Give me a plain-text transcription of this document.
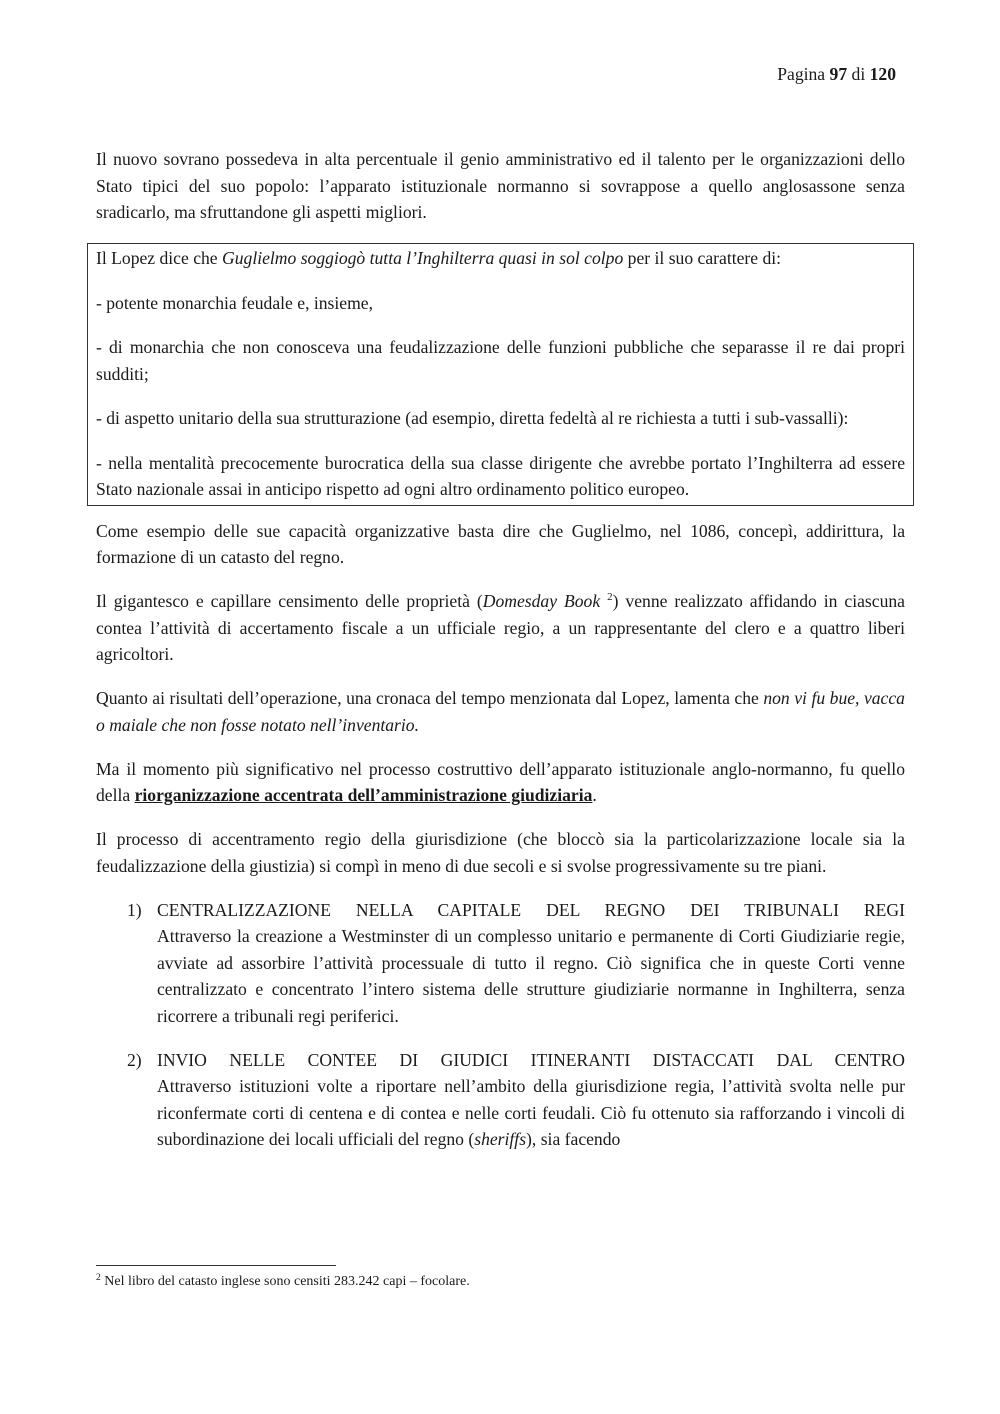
Pagina 97 di 120

Il nuovo sovrano possedeva in alta percentuale il genio amministrativo ed il talento per le organizzazioni dello Stato tipici del suo popolo: l’apparato istituzionale normanno si sovrappose a quello anglosassone senza sradicarlo, ma sfruttandone gli aspetti migliori.

Il Lopez dice che Guglielmo soggiogò tutta l’Inghilterra quasi in sol colpo per il suo carattere di:

- potente monarchia feudale e, insieme,

- di monarchia che non conosceva una feudalizzazione delle funzioni pubbliche che separasse il re dai propri sudditi;

- di aspetto unitario della sua strutturazione (ad esempio, diretta fedeltà al re richiesta a tutti i sub-vassalli):

- nella mentalità precocemente burocratica della sua classe dirigente che avrebbe portato l’Inghilterra ad essere Stato nazionale assai in anticipo rispetto ad ogni altro ordinamento politico europeo.

Come esempio delle sue capacità organizzative basta dire che Guglielmo, nel 1086, concepì, addirittura, la formazione di un catasto del regno.

Il gigantesco e capillare censimento delle proprietà (Domesday Book $^2$) venne realizzato affidando in ciascuna contea l’attività di accertamento fiscale a un ufficiale regio, a un rappresentante del clero e a quattro liberi agricoltori.

Quanto ai risultati dell’operazione, una cronaca del tempo menzionata dal Lopez, lamenta che non vi fu bue, vacca o maiale che non fosse notato nell’inventario.

Ma il momento più significativo nel processo costruttivo dell’apparato istituzionale anglo-normanno, fu quello della riorganizzazione accentrata dell’amministrazione giudiziaria.

Il processo di accentramento regio della giurisdizione (che bloccò sia la particolarizzazione locale sia la feudalizzazione della giustizia) si compì in meno di due secoli e si svolse progressivamente su tre piani.

1) CENTRALIZZAZIONE NELLA CAPITALE DEL REGNO DEI TRIBUNALI REGI
Attraverso la creazione a Westminster di un complesso unitario e permanente di Corti Giudiziarie regie, avviate ad assorbire l’attività processuale di tutto il regno. Ciò significa che in queste Corti venne centralizzato e concentrato l’intero sistema delle strutture giudiziarie normanne in Inghilterra, senza ricorrere a tribunali regi periferici.
2) INVIO NELLE CONTEE DI GIUDICI ITINERANTI DISTACCATI DAL CENTRO
Attraverso istituzioni volte a riportare nell’ambito della giurisdizione regia, l’attività svolta nelle pur riconfermate corti di centena e di contea e nelle corti feudali. Ciò fu ottenuto sia rafforzando i vincoli di subordinazione dei locali ufficiali del regno (sheriffs), sia facendo
$^2$ Nel libro del catasto inglese sono censiti 283.242 capi – focolare.
